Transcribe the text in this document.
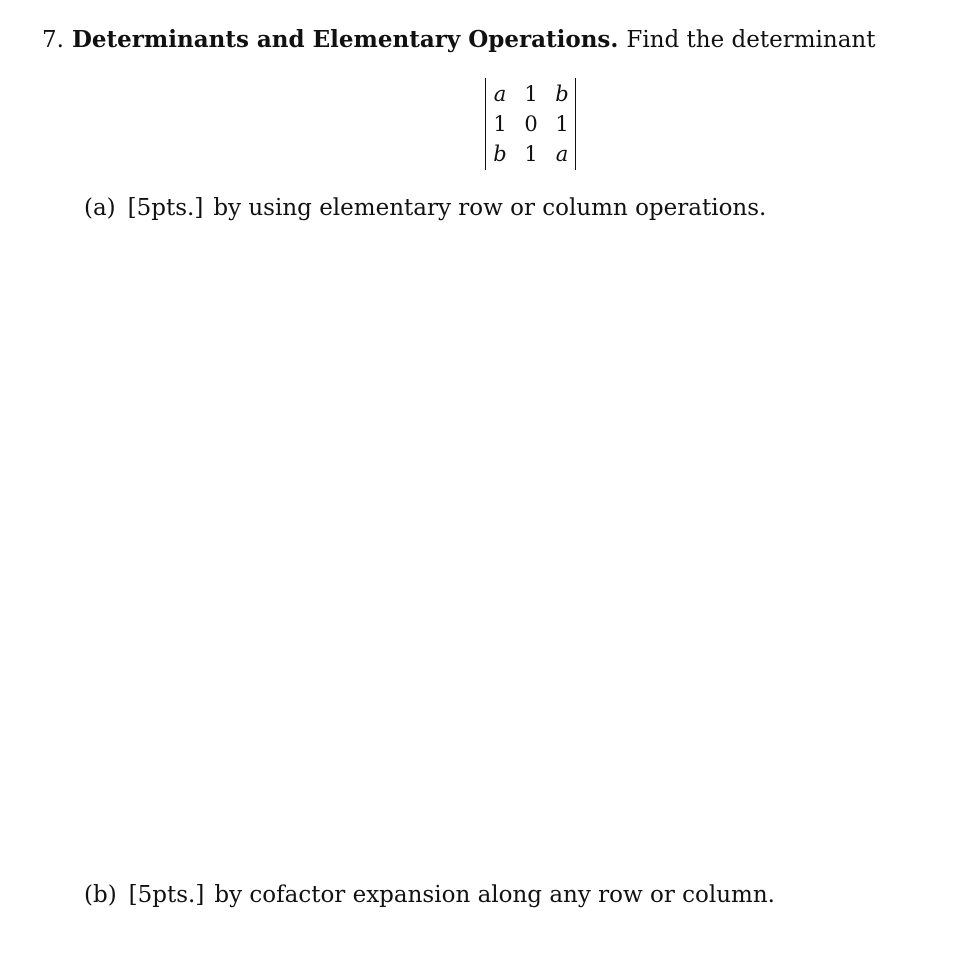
7. Determinants and Elementary Operations. Find the determinant
a 1 b
1 0 1
b 1 a
(a) [5pts.] by using elementary row or column operations.
(b) [5pts.] by cofactor expansion along any row or column.
